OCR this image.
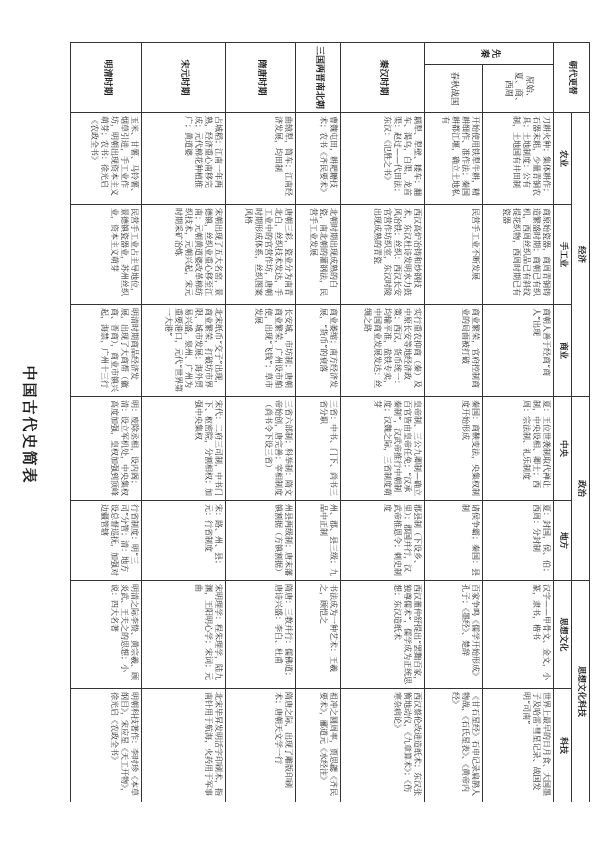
中国古代史简表
朝代更替		经济			政治		思想文化科技	
		农业	手工业	商业	中央	地方	思想文化	科技
先秦	原始、夏、商、西周	刀耕火种；集体耕作；石器末耜，少量青铜农具；土地制度：公有制，土地国有井田制	商原始瓷器，商周青铜铸造繁盛时期；商朝已有织机，西周丝织品已有斜纹提花织物，西周时期已有瓷器	商朝人善于经商“商人”出现	夏：王位世袭制取代禅让制，中央设相、卿士；西周：宗法制、礼乐制度	夏：封国，侯、伯；西周：分封制	汉字——甲骨文、金文，小篆，隶书，楷书	世界上最早的日月食、大国墨子及哈雷·彗星记录、战国发明“司南”
	春秋战国	开始使用铁犁牛耕，精耕细作、准作法；秦国耕都江堰，确立土地私有	民营手工业不断发展	商业繁荣，官府控制商业的局面被打破	秦国：商鞅变法，央集权制度开始形成	诸侯争霸；秦国：县制	百家争鸣《儒学开始形成》孔子；《墨经》、楚辞	《甘石星经》石申记录扁鹊人物战，《石氏星表》、《黄帝内经》
秦汉时期		耦犁、犁壁、耧车；翻车、渴乌，白渠，龙首渠：赵过——代田法；东汉：《氾胜之书》	西汉高炉冶铸和炒钢技术，东汉杜诗发明水力鼓风冶铁；丝织：西汉长安官营作坊织室，东汉时陵出现成熟的青瓷	实行重农抑商（秦）及中原长安等地经济政策；西汉，货币统一：均输平准，盐铁专卖，中国商业发展发达：丝绸之路	皇帝制、三公九卿制—确立百官皆由皇帝任免；“汉承秦制”，汉武帝推行中朝制度；汉魏之际，三省制度萌芽	郡县制（下设乡、里）；郡国并行，汉武帝推恩令；刺史制度	西汉董仲舒提出“罢黜百家，独尊儒术”，儒学成为正统思想；东汉造纸术	西汉蔡伦改进造纸术；东汉张衡地动仪，《九章算术》；《伤寒杂病论》
三国两晋南北朝		曹魏屯田，耕耙耱技术；农书《齐民要术》	北朝时期出现成熟的白瓷，南北朝的灌钢法，民营手工业发展	商业萎缩；南方经济发展，“货币”的衰落	三省：中书、门下、尚书三省分职	州、郡、县三级；九品中正制	书法成为一种艺术：王羲之，顾恺之	祖冲之圆周率，贾思勰《齐民要术》，郦道元《水经注》
隋唐时期		曲辕犁，筒车；江南经济发展，均田制	唐朝三彩，瓷业分为南青北白，丝织技术发达，手工业中的官营作坊，唐朝时期形成体系，丝织图案风格	长安城，市坊制；唐朝商业繁荣，广州设市舶使，出现“飞钱”；草市发展	三省六部制；科举制：隋文帝始创，唐完善；宰相制度（尚书令下设三省）	州县两级制；唐末藩镇割据（方镇割据）	隋唐：三教并行：儒佛道；唐诗兴盛：李白、杜甫	隋唐之际，出现了雕版印刷术；唐朝天文学一行
宋元时期		占城稻；江南一年两熟，经济重心南移完成；元代棉花种植推广；黄道婆	宋朝出现了五大名窑，景德镇，丝织业重心移至江南；元朝黄道婆改革棉纺织技术，元朝兴起，宋元时期采矿冶炼	北宋纸币“交子”出现，商业繁荣，打破坊市界限，城市发展；海外贸易兴盛，泉州、广州为重要港口，元代“世界第一大港”	宋代：二府三司制，中书门下、枢密院，分割相权；加强中央集权	宋：路、州、县；元：行省制度	宋明理学：程朱理学，陆九渊，王阳明心学；宋词；元曲	北宋毕昇发明活字印刷术，指南针用于航海，火药用于军事
明清时期		玉米、甘薯、马铃薯、烟草引进，手工业作坊，明朝出现资本主义萌芽；农书：徐光启《农政全书》	民营手工业占主导地位，景德镇瓷器业，苏州丝织业，资本主义萌芽	明清时期商品经济发展，出现了大商帮（徽商、晋商），商业市镇兴起，海禁，广州十三行	明：废除丞相，设内阁；清：设立军机处，中央集权高度加强，皇权加强到顶峰	行省制度：明“三司”分管；清：地方设总督巡抚，加强对边疆管辖	明清之际李贽、黄宗羲、顾炎武、王夫之的思想；小说：四大名著	明朝科技著作：李时珍《本草纲目》，宋应星《天工开物》，徐光启《农政全书》
